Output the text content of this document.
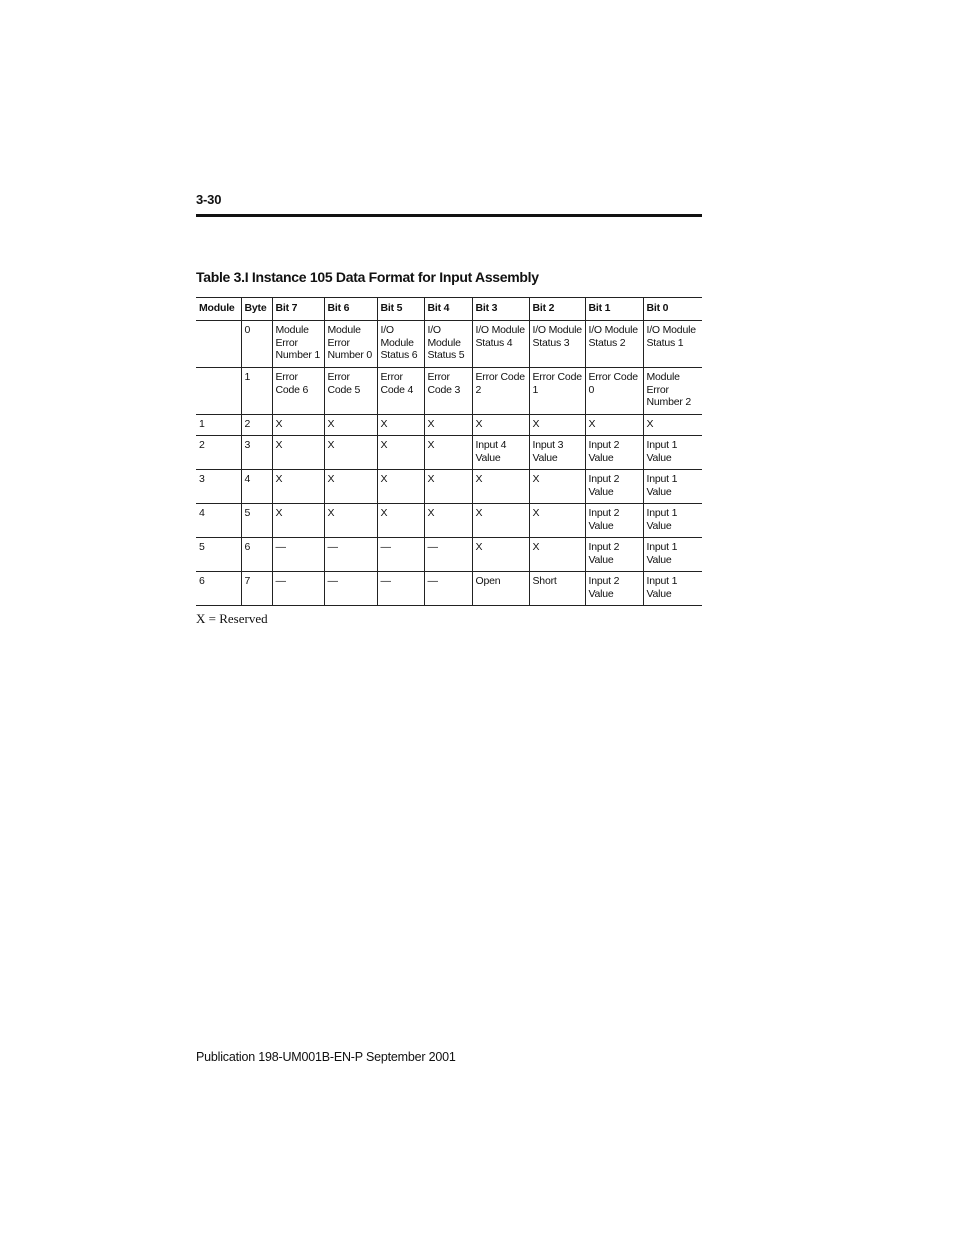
3-30
Table 3.I Instance 105 Data Format for Input Assembly
Module	Byte	Bit 7	Bit 6	Bit 5	Bit 4	Bit 3	Bit 2	Bit 1	Bit 0
	0	Module Error Number 1	Module Error Number 0	I/O Module Status 6	I/O Module Status 5	I/O Module Status 4	I/O Module Status 3	I/O Module Status 2	I/O Module Status 1
	1	Error Code 6	Error Code 5	Error Code 4	Error Code 3	Error Code 2	Error Code 1	Error Code 0	Module Error Number 2
1	2	X	X	X	X	X	X	X	X
2	3	X	X	X	X	Input 4 Value	Input 3 Value	Input 2 Value	Input 1 Value
3	4	X	X	X	X	X	X	Input 2 Value	Input 1 Value
4	5	X	X	X	X	X	X	Input 2 Value	Input 1 Value
5	6	—	—	—	—	X	X	Input 2 Value	Input 1 Value
6	7	—	—	—	—	Open	Short	Input 2 Value	Input 1 Value
X = Reserved
Publication 198-UM001B-EN-P September 2001
